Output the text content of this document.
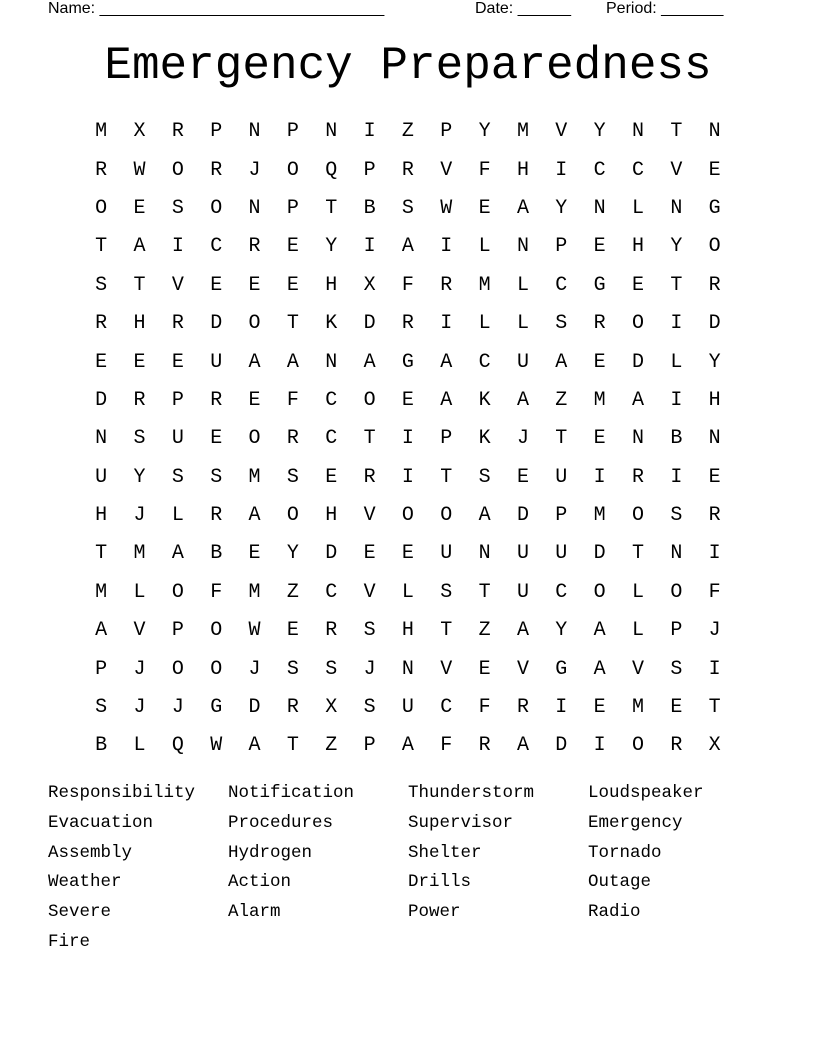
Name: ________________________________

	Date: ______

Period: _______

Emergency Preparedness
M	X	R	P	N	P	N	I	Z	P	Y	M	V	Y	N	T	N
R	W	O	R	J	O	Q	P	R	V	F	H	I	C	C	V	E
O	E	S	O	N	P	T	B	S	W	E	A	Y	N	L	N	G
T	A	I	C	R	E	Y	I	A	I	L	N	P	E	H	Y	O
S	T	V	E	E	E	H	X	F	R	M	L	C	G	E	T	R
R	H	R	D	O	T	K	D	R	I	L	L	S	R	O	I	D
E	E	E	U	A	A	N	A	G	A	C	U	A	E	D	L	Y
D	R	P	R	E	F	C	O	E	A	K	A	Z	M	A	I	H
N	S	U	E	O	R	C	T	I	P	K	J	T	E	N	B	N
U	Y	S	S	M	S	E	R	I	T	S	E	U	I	R	I	E
H	J	L	R	A	O	H	V	O	O	A	D	P	M	O	S	R
T	M	A	B	E	Y	D	E	E	U	N	U	U	D	T	N	I
M	L	O	F	M	Z	C	V	L	S	T	U	C	O	L	O	F
A	V	P	O	W	E	R	S	H	T	Z	A	Y	A	L	P	J
P	J	O	O	J	S	S	J	N	V	E	V	G	A	V	S	I
S	J	J	G	D	R	X	S	U	C	F	R	I	E	M	E	T
B	L	Q	W	A	T	Z	P	A	F	R	A	D	I	O	R	X
Responsibility	Notification	Thunderstorm	Loudspeaker
Evacuation	Procedures	Supervisor	Emergency
Assembly	Hydrogen	Shelter	Tornado
Weather	Action	Drills	Outage
Severe	Alarm	Power	Radio
Fire
